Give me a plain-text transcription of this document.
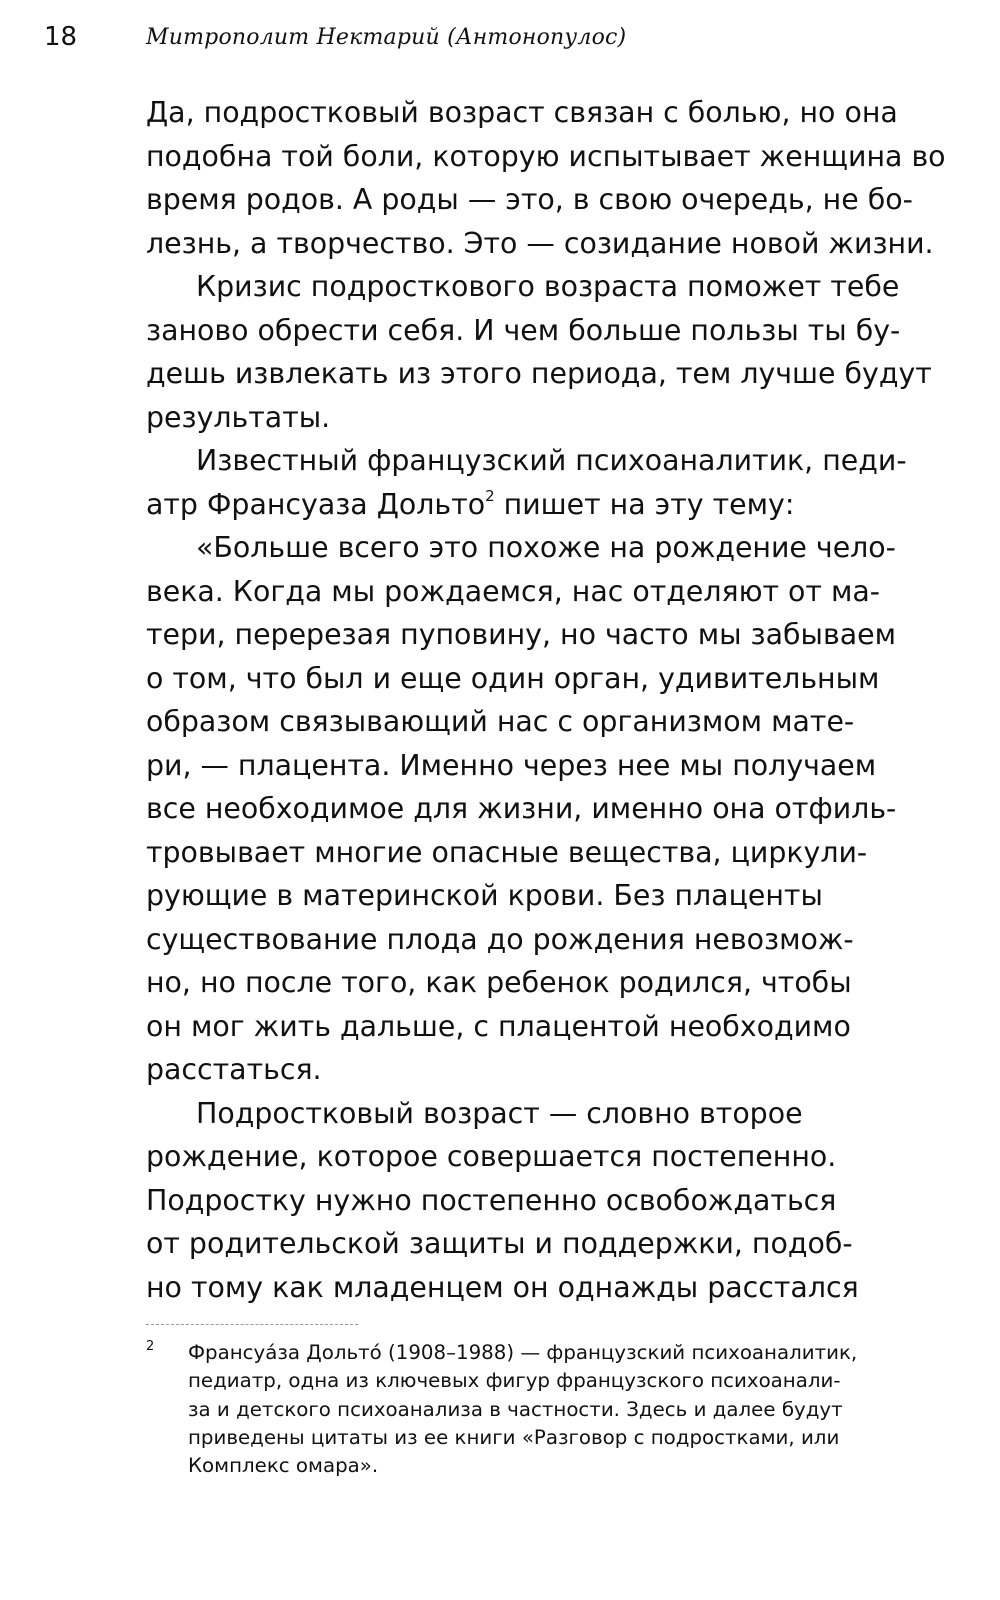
18	Митрополит Нектарий (Антонопулос)
Да, подростковый возраст связан с болью, но она
подобна той боли, которую испытывает женщина во
время родов. А роды — это, в свою очередь, не бо-
лезнь, а творчество. Это — созидание новой жизни.
Кризис подросткового возраста поможет тебе
заново обрести себя. И чем больше пользы ты бу-
дешь извлекать из этого периода, тем лучше будут
результаты.
Известный французский психоаналитик, педи-
атр Франсуаза Дольто$^2$ пишет на эту тему:
«Больше всего это похоже на рождение чело-
века. Когда мы рождаемся, нас отделяют от ма-
тери, перерезая пуповину, но часто мы забываем
о том, что был и еще один орган, удивительным
образом связывающий нас с организмом мате-
ри, — плацента. Именно через нее мы получаем
все необходимое для жизни, именно она отфиль-
тровывает многие опасные вещества, циркули-
рующие в материнской крови. Без плаценты
существование плода до рождения невозмож-
но, но после того, как ребенок родился, чтобы
он мог жить дальше, с плацентой необходимо
расстаться.
Подростковый возраст — словно второе
рождение, которое совершается постепенно.
Подростку нужно постепенно освобождаться
от родительской защиты и поддержки, подоб-
но тому как младенцем он однажды расстался
2 Франсуа́за Дольто́ (1908–1988) — французский психоаналитик,
педиатр, одна из ключевых фигур французского психоанали-
за и детского психоанализа в частности. Здесь и далее будут
приведены цитаты из ее книги «Разговор с подростками, или
Комплекс омара».
